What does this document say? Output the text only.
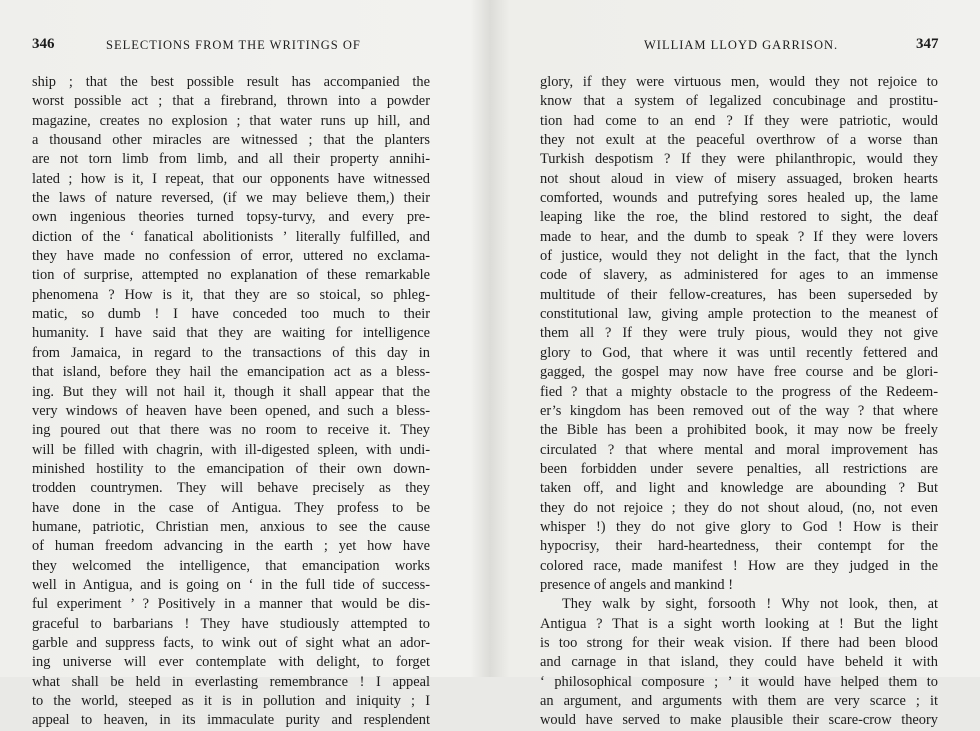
346	SELECTIONS FROM THE WRITINGS OF
ship ; that the best possible result has accompanied the
worst possible act ; that a firebrand, thrown into a powder
magazine, creates no explosion ; that water runs up hill, and
a thousand other miracles are witnessed ; that the planters
are not torn limb from limb, and all their property annihi-
lated ; how is it, I repeat, that our opponents have witnessed
the laws of nature reversed, (if we may believe them,) their
own ingenious theories turned topsy-turvy, and every pre-
diction of the ‘ fanatical abolitionists ’ literally fulfilled, and
they have made no confession of error, uttered no exclama-
tion of surprise, attempted no explanation of these remarkable
phenomena ? How is it, that they are so stoical, so phleg-
matic, so dumb ! I have conceded too much to their
humanity. I have said that they are waiting for intelligence
from Jamaica, in regard to the transactions of this day in
that island, before they hail the emancipation act as a bless-
ing. But they will not hail it, though it shall appear that the
very windows of heaven have been opened, and such a bless-
ing poured out that there was no room to receive it. They
will be filled with chagrin, with ill-digested spleen, with undi-
minished hostility to the emancipation of their own down-
trodden countrymen. They will behave precisely as they
have done in the case of Antigua. They profess to be
humane, patriotic, Christian men, anxious to see the cause
of human freedom advancing in the earth ; yet how have
they welcomed the intelligence, that emancipation works
well in Antigua, and is going on ‘ in the full tide of success-
ful experiment ’ ? Positively in a manner that would be dis-
graceful to barbarians ! They have studiously attempted to
garble and suppress facts, to wink out of sight what an ador-
ing universe will ever contemplate with delight, to forget
what shall be held in everlasting remembrance ! I appeal
to the world, steeped as it is in pollution and iniquity ; I
appeal to heaven, in its immaculate purity and resplendent
WILLIAM LLOYD GARRISON.	347
glory, if they were virtuous men, would they not rejoice to
know that a system of legalized concubinage and prostitu-
tion had come to an end ? If they were patriotic, would
they not exult at the peaceful overthrow of a worse than
Turkish despotism ? If they were philanthropic, would they
not shout aloud in view of misery assuaged, broken hearts
comforted, wounds and putrefying sores healed up, the lame
leaping like the roe, the blind restored to sight, the deaf
made to hear, and the dumb to speak ? If they were lovers
of justice, would they not delight in the fact, that the lynch
code of slavery, as administered for ages to an immense
multitude of their fellow-creatures, has been superseded by
constitutional law, giving ample protection to the meanest of
them all ? If they were truly pious, would they not give
glory to God, that where it was until recently fettered and
gagged, the gospel may now have free course and be glori-
fied ? that a mighty obstacle to the progress of the Redeem-
er’s kingdom has been removed out of the way ? that where
the Bible has been a prohibited book, it may now be freely
circulated ? that where mental and moral improvement has
been forbidden under severe penalties, all restrictions are
taken off, and light and knowledge are abounding ? But
they do not rejoice ; they do not shout aloud, (no, not even
whisper !) they do not give glory to God ! How is their
hypocrisy, their hard-heartedness, their contempt for the
colored race, made manifest ! How are they judged in the
presence of angels and mankind !
They walk by sight, forsooth ! Why not look, then, at
Antigua ? That is a sight worth looking at ! But the light
is too strong for their weak vision. If there had been blood
and carnage in that island, they could have beheld it with
‘ philosophical composure ; ’ it would have helped them to
an argument, and arguments with them are very scarce ; it
would have served to make plausible their scare-crow theory
